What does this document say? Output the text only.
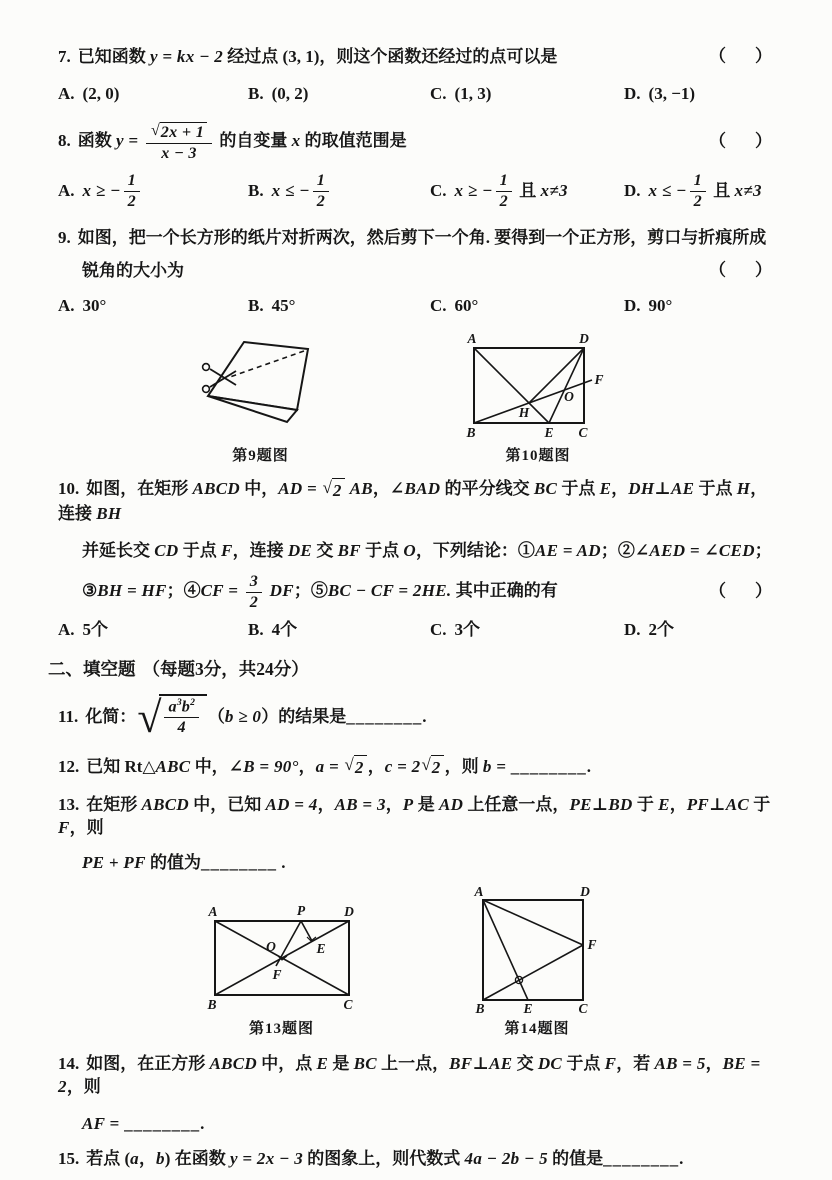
7. 已知函数 y = kx − 2 经过点 (3, 1)，则这个函数还经过的点可以是	（　）
A. (2, 0)	B. (0, 2)	C. (1, 3)	D. (3, −1)
8. 函数 $y = \frac{√ 2x + 1}{x - 3}$ 的自变量 x 的取值范围是	（　）
A. x ≥ − $\frac{1}{2}$	B. x ≤ − $\frac{1}{2}$	C. x ≥ − $\frac{1}{2}$ 且 x≠3	D. x ≤ − $\frac{1}{2}$ 且 x≠3
9. 如图，把一个长方形的纸片对折两次，然后剪下一个角. 要得到一个正方形，剪口与折痕所成
锐角的大小为	（　）
A. 30°	B. 45°	C. 60°	D. 90°
第9题图
A	D
B	C
E
F
H
O
第10题图
10. 如图，在矩形 ABCD 中，AD = √ 2 AB，∠BAD 的平分线交 BC 于点 E，DH⊥AE 于点 H，连接 BH
并延长交 CD 于点 F，连接 DE 交 BF 于点 O，下列结论：①AE = AD；②∠AED = ∠CED；
③BH = HF；④CF = $\frac{3}{2}$ DF；⑤BC − CF = 2HE. 其中正确的有	（　）
A. 5个	B. 4个	C. 3个	D. 2个
二、填空题 （每题3分，共24分）
11. 化简： √ $\frac{a^3b^2}{4} (b \ge 0)$的结果是________.
12. 已知 Rt△ABC 中，∠B = 90°，a = √ 2 ，c = 2 √ 2 ，则 b = ________.
13. 在矩形 ABCD 中，已知 AD = 4，AB = 3，P 是 AD 上任意一点，PE⊥BD 于 E，PF⊥AC 于 F，则
PE + PF 的值为________ .
A	D
B	C
P
O	E
F
第13题图
A	D
B	C
E
F
第14题图
14. 如图，在正方形 ABCD 中，点 E 是 BC 上一点，BF⊥AE 交 DC 于点 F，若 AB = 5，BE = 2，则
AF = ________.
15. 若点 (a，b) 在函数 y = 2x − 3 的图象上，则代数式 4a − 2b − 5 的值是________.
